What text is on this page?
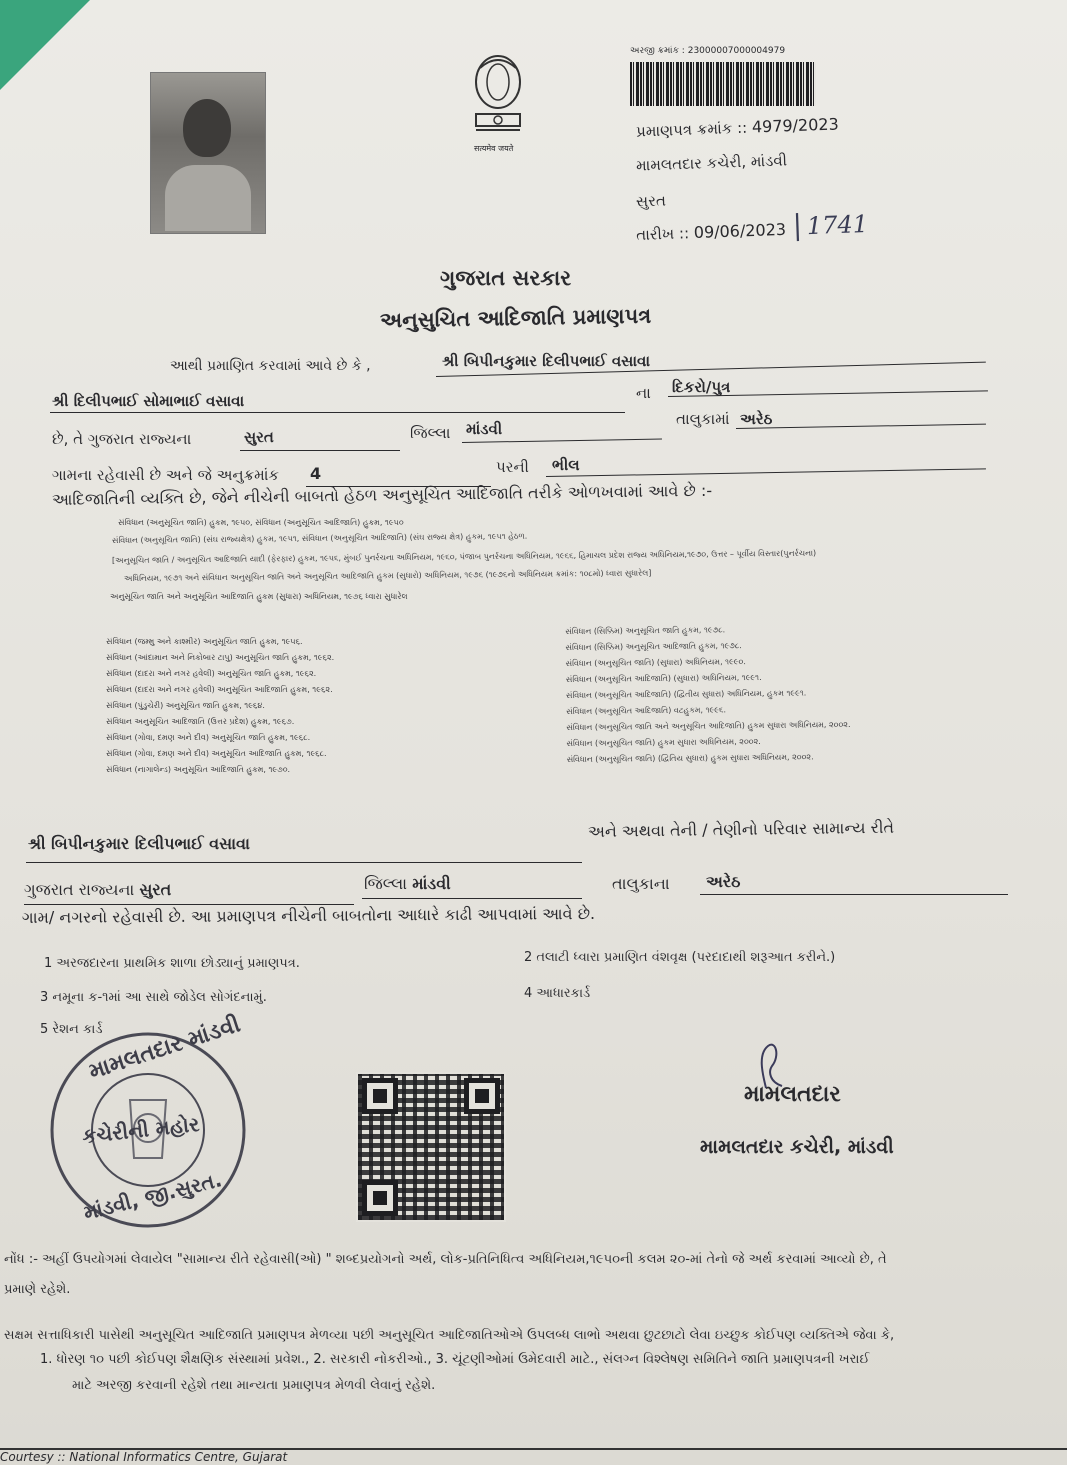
सत्यमेव जयते
અરજી ક્રમાંક : 23000007000004979
પ્રમાણપત્ર ક્રમાંક :: 4979/2023
મામલતદાર કચેરી, માંડવી
સુરત
તારીખ :: 09/06/2023 | 1741
ગુજરાત સરકાર
અનુસુચિત આદિજાતિ પ્રમાણપત્ર
આથી પ્રમાણિત કરવામાં આવે છે કે ,	શ્રી બિપીનકુમાર દિલીપભાઈ વસાવા
શ્રી દિલીપભાઈ સોમાભાઈ વસાવા	ના દિકરો/પુત્ર
છે, તે ગુજરાત રાજ્યના	સુરત	જિલ્લા માંડવી
તાલુકામાં અરેઠ
ગામના રહેવાસી છે અને જે અનુક્રમાંક 4	પરની ભીલ
આદિજાતિની વ્યક્તિ છે, જેને નીચેની બાબતો હેઠળ અનુસૂચિત આદિજાતિ તરીકે ઓળખવામાં આવે છે :-
સંવિધાન (અનુસૂચિત જાતિ) હુકમ, ૧૯૫૦, સંવિધાન (અનુસૂચિત આદિજાતિ) હુકમ, ૧૯૫૦
સંવિધાન (અનુસૂચિત જાતિ) (સંઘ રાજ્યક્ષેત્ર) હુકમ, ૧૯૫૧, સંવિધાન (અનુસૂચિત આદિજાતિ) (સંઘ રાજ્ય ક્ષેત્ર) હુકમ, ૧૯૫૧ હેઠળ.
[અનુસૂચિત જાતિ / અનુસૂચિત આદિજાતિ યાદી (ફેરફાર) હુકમ, ૧૯૫૬, મુંબઈ પુનર્રચના અધિનિયમ, ૧૯૬૦, પંજાબ પુનર્રચના અધિનિયમ, ૧૯૬૬, હિમાચલ પ્રદેશ રાજ્ય અધિનિયમ,૧૯૭૦, ઉત્તર – પૂર્વીય વિસ્તાર(પુનર્રચના)
અધિનિયમ, ૧૯૭૧ અને સંવિધાન અનુસૂચિત જાતિ અને અનુસૂચિત આદિજાતિ હુકમ (સુધારો) અધિનિયમ, ૧૯૭૬ (૧૯૭૬નો અધિનિયમ ક્રમાંક: ૧૦૮મો) ધ્વારા સુધારેલ]
અનુસૂચિત જાતિ અને અનુસૂચિત આદિજાતિ હુકમ (સુધારા) અધિનિયમ, ૧૯૭૬ ધ્વારા સુધારેલ
સંવિધાન (જમ્મુ અને કાશ્મીર) અનુસૂચિત જાતિ હુકમ, ૧૯૫૬.
સંવિધાન (આંદામાન અને નિકોબાર ટાપુ) અનુસૂચિત જાતિ હુકમ, ૧૯૬૨.
સંવિધાન (દાદરા અને નગર હવેલી) અનુસૂચિત જાતિ હુકમ, ૧૯૬૨.
સંવિધાન (દાદરા અને નગર હવેલી) અનુસૂચિત આદિજાતિ હુકમ, ૧૯૬૨.
સંવિધાન (પુંડુચેરી) અનુસૂચિત જાતિ હુકમ, ૧૯૬૪.
સંવિધાન અનુસૂચિત આદિજાતિ (ઉત્તર પ્રદેશ) હુકમ, ૧૯૬૭.
સંવિધાન (ગોવા, દમણ અને દીવ) અનુસૂચિત જાતિ હુકમ, ૧૯૬૮.
સંવિધાન (ગોવા, દમણ અને દીવ) અનુસૂચિત આદિજાતિ હુકમ, ૧૯૬૮.
સંવિધાન (નાગાલેન્ડ) અનુસૂચિત આદિજાતિ હુકમ, ૧૯૭૦.
સંવિધાન (સિક્કિમ) અનુસૂચિત જાતિ હુકમ, ૧૯૭૮.
સંવિધાન (સિક્કિમ) અનુસૂચિત આદિજાતિ હુકમ, ૧૯૭૮.
સંવિધાન (અનુસૂચિત જાતિ) (સુધારા) અધિનિયમ, ૧૯૯૦.
સંવિધાન (અનુસૂચિત આદિજાતિ) (સુધારા) અધિનિયમ, ૧૯૯૧.
સંવિધાન (અનુસૂચિત આદિજાતિ) (દ્વિતીય સુધારા) અધિનિયમ, હુકમ ૧૯૯૧.
સંવિધાન (અનુસૂચિત આદિજાતિ) વટહુકમ, ૧૯૯૬.
સંવિધાન (અનુસૂચિત જાતિ અને અનુસૂચિત આદિજાતિ) હુકમ સુધારા અધિનિયમ, ૨૦૦૨.
સંવિધાન (અનુસૂચિત જાતિ) હુકમ સુધારા અધિનિયમ, ૨૦૦૨.
સંવિધાન (અનુસૂચિત જાતિ) (દ્વિતિય સુધારા) હુકમ સુધારા અધિનિયમ, ૨૦૦૨.
અને અથવા તેની / તેણીનો પરિવાર સામાન્ય રીતે
શ્રી બિપીનકુમાર દિલીપભાઈ વસાવા
ગુજરાત રાજ્યના સુરત	જિલ્લા માંડવી	તાલુકાના અરેઠ
ગામ/ નગરનો રહેવાસી છે. આ પ્રમાણપત્ર નીચેની બાબતોના આધારે કાઢી આપવામાં આવે છે.
1 અરજદારના પ્રાથમિક શાળા છોડ્યાનું પ્રમાણપત્ર.	2 તલાટી ધ્વારા પ્રમાણિત વંશવૃક્ષ (પરદાદાથી શરૂઆત કરીને.)
3 નમૂના ક-૧માં આ સાથે જોડેલ સોગંદનામું.	4 આધારકાર્ડ
5 રેશન કાર્ડ
મામલતદાર માંડવી
કચેરીની મહોર
માંડવી, જી.સુરત.
મામલતદાર
મામલતદાર કચેરી, માંડવી
નોંધ :- અહીં ઉપયોગમાં લેવાયેલ "સામાન્ય રીતે રહેવાસી(ઓ) " શબ્દપ્રયોગનો અર્થ, લોક-પ્રતિનિધિત્વ અધિનિયમ,૧૯૫૦ની કલમ ૨૦-માં તેનો જે અર્થ કરવામાં આવ્યો છે, તે
પ્રમાણે રહેશે.
સક્ષમ સત્તાધિકારી પાસેથી અનુસૂચિત આદિજાતિ પ્રમાણપત્ર મેળવ્યા પછી અનુસૂચિત આદિજાતિઓએ ઉપલબ્ધ લાભો અથવા છુટછાટો લેવા ઇચ્છુક કોઈપણ વ્યક્તિએ જેવા કે,
1. ધોરણ ૧૦ પછી કોઈપણ શૈક્ષણિક સંસ્થામાં પ્રવેશ., 2. સરકારી નોકરીઓ., 3. ચૂંટણીઓમાં ઉમેદવારી માટે., સંલગ્ન વિશ્લેષણ સમિતિને જાતિ પ્રમાણપત્રની ખરાઈ
માટે અરજી કરવાની રહેશે તથા માન્યતા પ્રમાણપત્ર મેળવી લેવાનું રહેશે.
Courtesy :: National Informatics Centre, Gujarat
